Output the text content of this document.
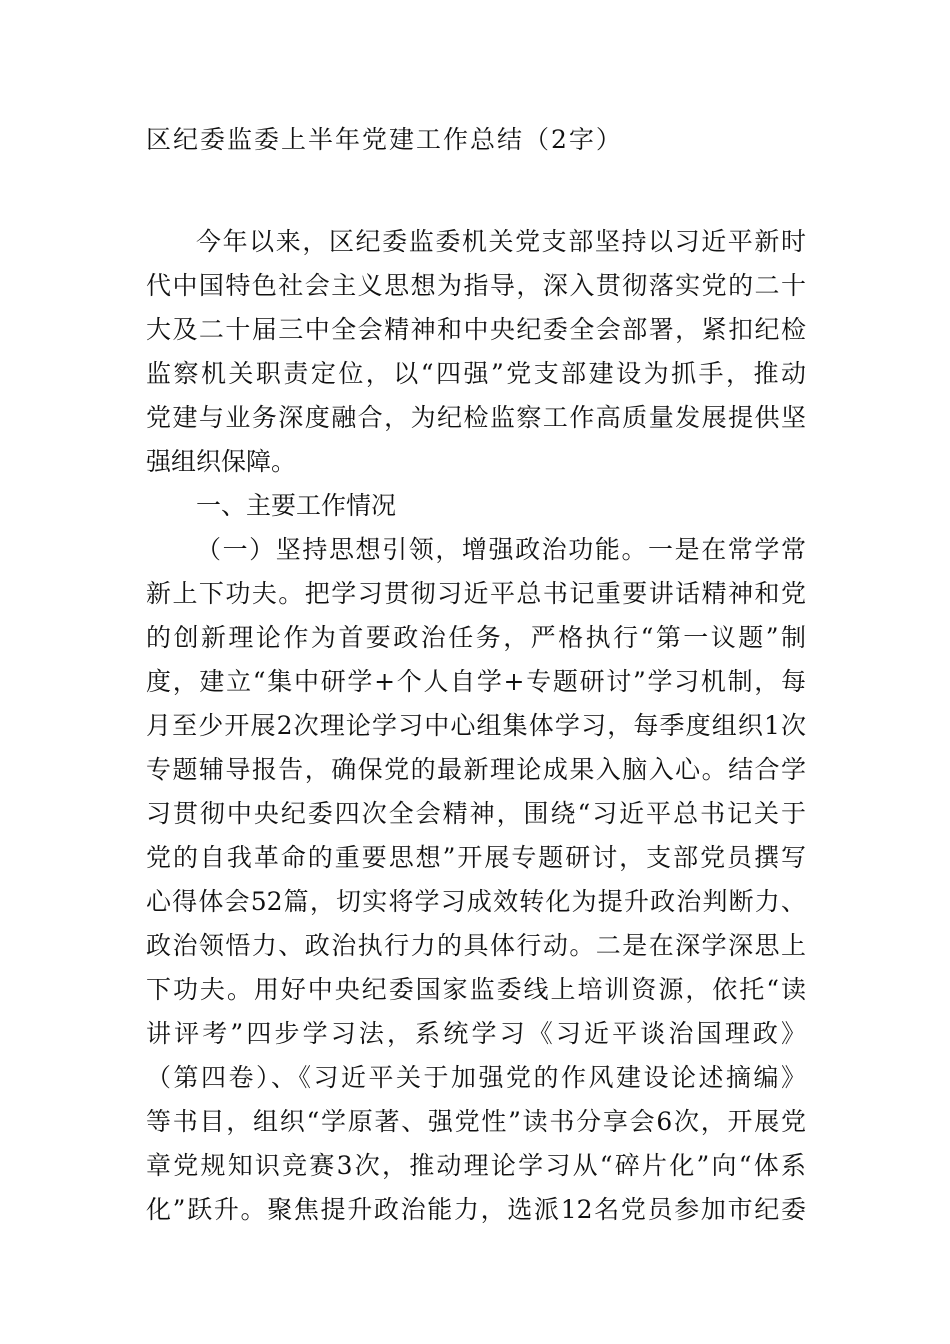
区纪委监委上半年党建工作总结（2字）
今年以来，区纪委监委机关党支部坚持以习近平新时
代中国特色社会主义思想为指导，深入贯彻落实党的二十
大及二十届三中全会精神和中央纪委全会部署，紧扣纪检
监察机关职责定位，以“四强”党支部建设为抓手，推动
党建与业务深度融合，为纪检监察工作高质量发展提供坚
强组织保障。
一、主要工作情况
（一）坚持思想引领，增强政治功能。一是在常学常
新上下功夫。把学习贯彻习近平总书记重要讲话精神和党
的创新理论作为首要政治任务，严格执行“第一议题”制
度，建立“集中研学+个人自学+专题研讨”学习机制，每
月至少开展2次理论学习中心组集体学习，每季度组织1次
专题辅导报告，确保党的最新理论成果入脑入心。结合学
习贯彻中央纪委四次全会精神，围绕“习近平总书记关于
党的自我革命的重要思想”开展专题研讨，支部党员撰写
心得体会52篇，切实将学习成效转化为提升政治判断力、
政治领悟力、政治执行力的具体行动。二是在深学深思上
下功夫。用好中央纪委国家监委线上培训资源，依托“读
讲评考”四步学习法，系统学习《习近平谈治国理政》
（第四卷）、《习近平关于加强党的作风建设论述摘编》
等书目，组织“学原著、强党性”读书分享会6次，开展党
章党规知识竞赛3次，推动理论学习从“碎片化”向“体系
化”跃升。聚焦提升政治能力，选派12名党员参加市纪委
